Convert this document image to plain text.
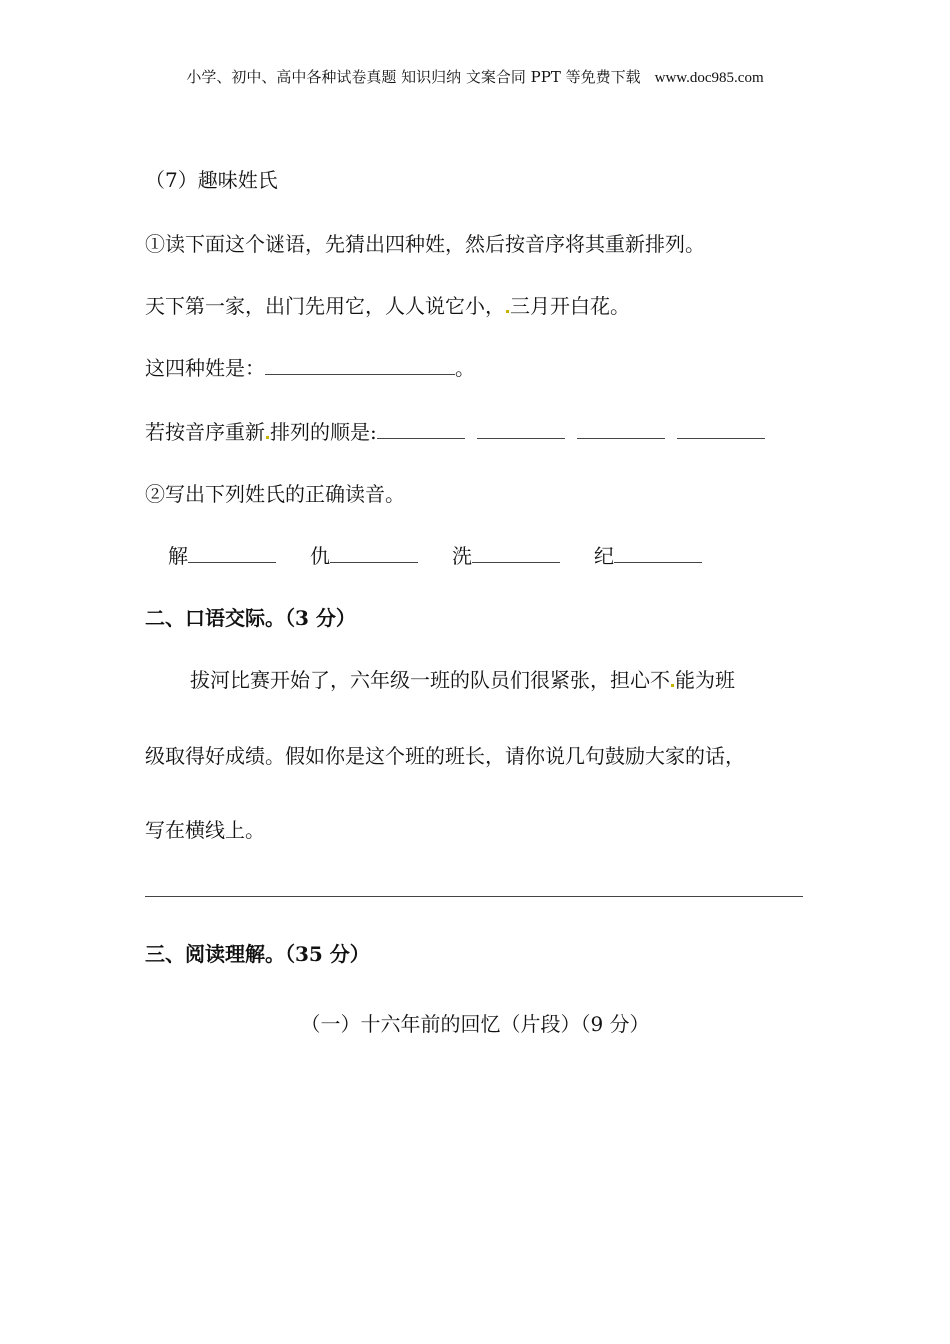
小学、初中、高中各种试卷真题 知识归纳 文案合同 PPT 等免费下载 www.doc985.com
（7）趣味姓氏
①读下面这个谜语，先猜出四种姓，然后按音序将其重新排列。
天下第一家，出门先用它，人人说它小， 三月开白花。
这四种姓是：	。
若按音序重新 排列的顺是:
②写出下列姓氏的正确读音。
解	仇	洗	纪
二、口语交际。（3 分）
拔河比赛开始了，六年级一班的队员们很紧张，担心不 能为班
级取得好成绩。假如你是这个班的班长，请你说几句鼓励大家的话，
写在横线上。
三、阅读理解。（35 分）
（一）十六年前的回忆（片段）（9 分）
